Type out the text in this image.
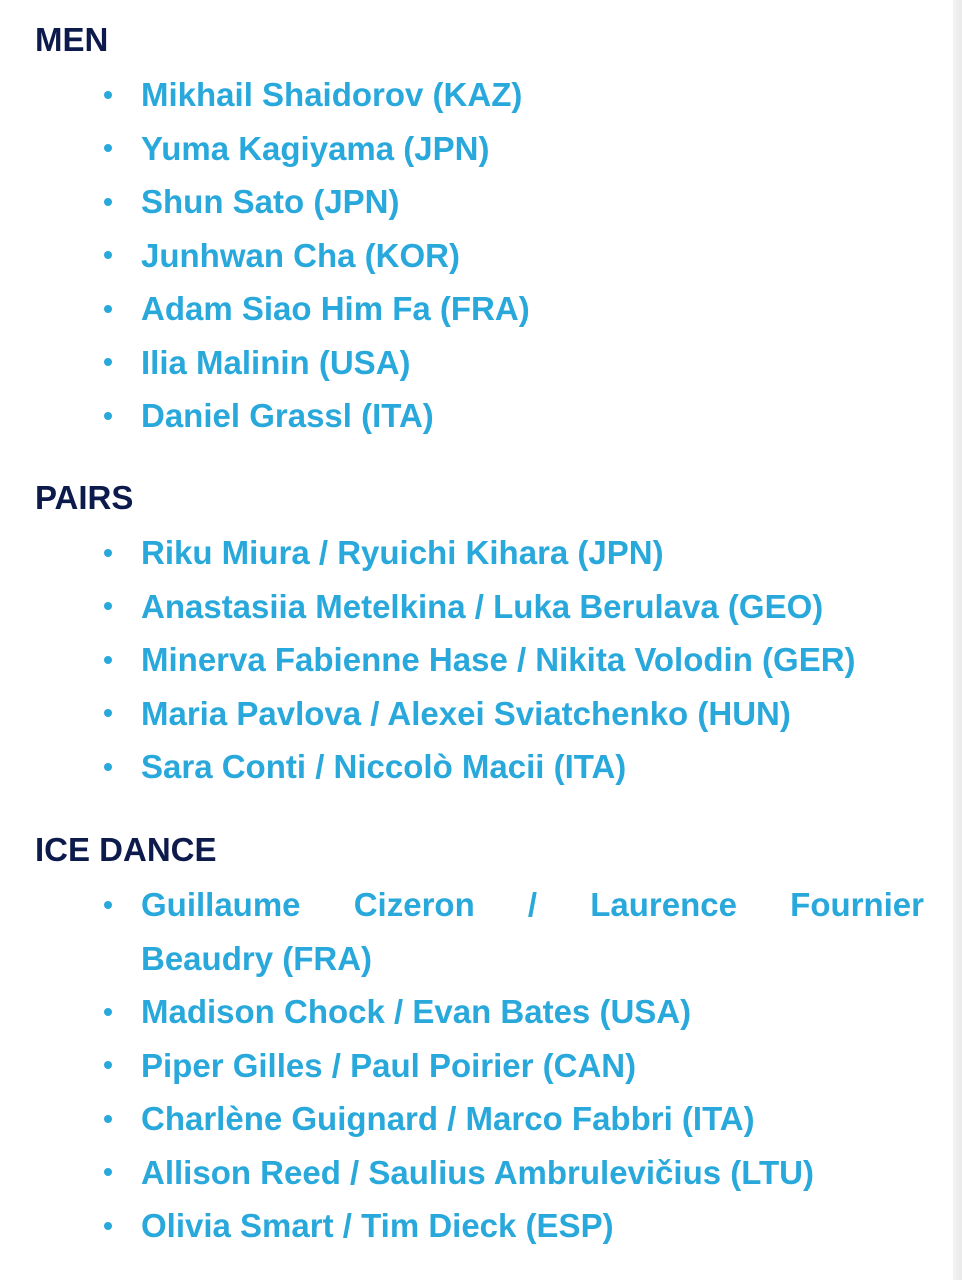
MEN
Mikhail Shaidorov (KAZ)
Yuma Kagiyama (JPN)
Shun Sato (JPN)
Junhwan Cha (KOR)
Adam Siao Him Fa (FRA)
Ilia Malinin (USA)
Daniel Grassl (ITA)
PAIRS
Riku Miura / Ryuichi Kihara (JPN)
Anastasiia Metelkina / Luka Berulava (GEO)
Minerva Fabienne Hase / Nikita Volodin (GER)
Maria Pavlova / Alexei Sviatchenko (HUN)
Sara Conti / Niccolò Macii (ITA)
ICE DANCE
Guillaume Cizeron / Laurence Fournier
Beaudry (FRA)
Madison Chock / Evan Bates (USA)
Piper Gilles / Paul Poirier (CAN)
Charlène Guignard / Marco Fabbri (ITA)
Allison Reed / Saulius Ambrulevičius (LTU)
Olivia Smart / Tim Dieck (ESP)
